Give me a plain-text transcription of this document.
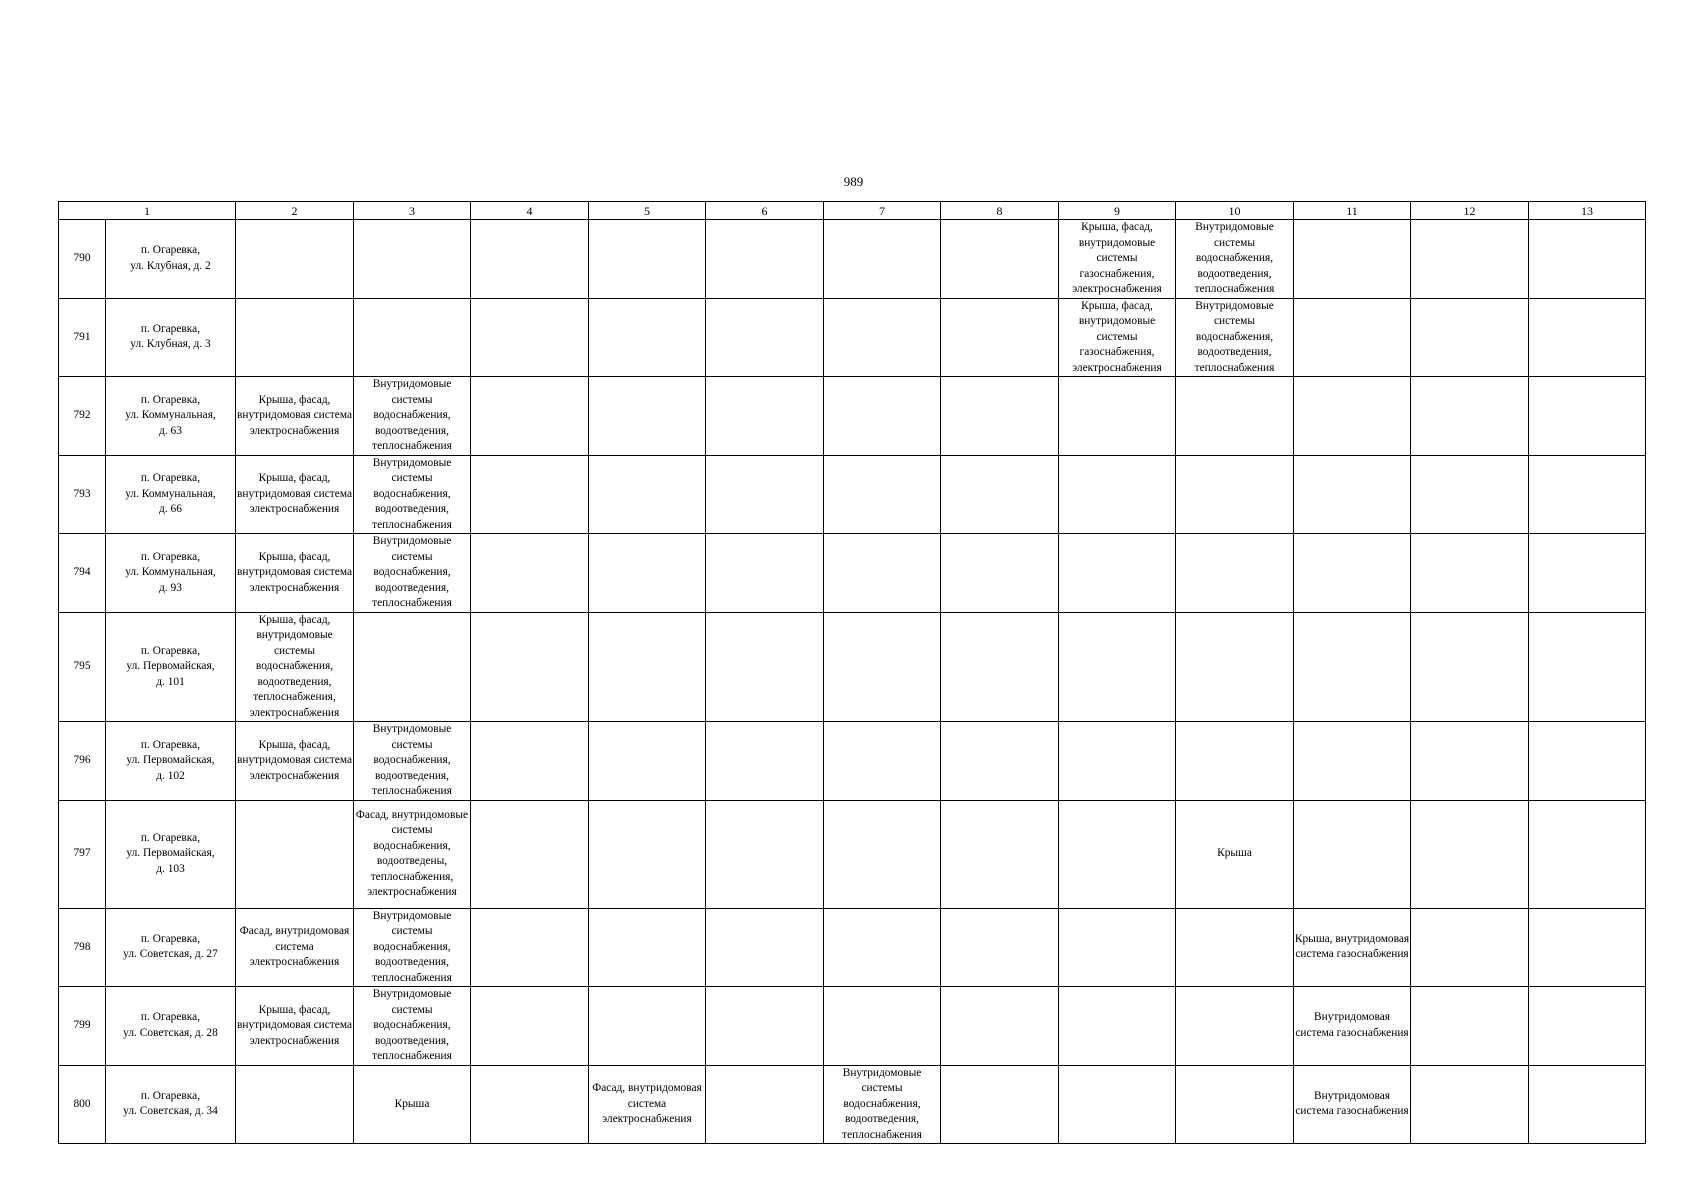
989
1		2	3	4	5	6	7	8	9	10	11	12	13
790	п. Огаревка,
ул. Клубная, д. 2								Крыша, фасад, внутридомовые системы газоснабжения, электроснабжения	Внутридомовые системы водоснабжения, водоотведения, теплоснабжения			
791	п. Огаревка,
ул. Клубная, д. 3								Крыша, фасад, внутридомовые системы газоснабжения, электроснабжения	Внутридомовые системы водоснабжения, водоотведения, теплоснабжения			
792	п. Огаревка,
ул. Коммунальная,
д. 63	Крыша, фасад, внутридомовая система электроснабжения	Внутридомовые системы водоснабжения, водоотведения, теплоснабжения										
793	п. Огаревка,
ул. Коммунальная,
д. 66	Крыша, фасад, внутридомовая система электроснабжения	Внутридомовые системы водоснабжения, водоотведения, теплоснабжения										
794	п. Огаревка,
ул. Коммунальная,
д. 93	Крыша, фасад, внутридомовая система электроснабжения	Внутридомовые системы водоснабжения, водоотведения, теплоснабжения										
795	п. Огаревка,
ул. Первомайская,
д. 101	Крыша, фасад, внутридомовые системы водоснабжения, водоотведения, теплоснабжения, электроснабжения											
796	п. Огаревка,
ул. Первомайская,
д. 102	Крыша, фасад, внутридомовая система электроснабжения	Внутридомовые системы водоснабжения, водоотведения, теплоснабжения										
797	п. Огаревка,
ул. Первомайская,
д. 103		Фасад, внутридомовые системы водоснабжения, водоотведены, теплоснабжения, электроснабжения							Крыша			
798	п. Огаревка,
ул. Советская, д. 27	Фасад, внутридомовая система электроснабжения	Внутридомовые системы водоснабжения, водоотведения, теплоснабжения								Крыша, внутридомовая система газоснабжения		
799	п. Огаревка,
ул. Советская, д. 28	Крыша, фасад, внутридомовая система электроснабжения	Внутридомовые системы водоснабжения, водоотведения, теплоснабжения								Внутридомовая система газоснабжения		
800	п. Огаревка,
ул. Советская, д. 34		Крыша		Фасад, внутридомовая система электроснабжения		Внутридомовые системы водоснабжения, водоотведения, теплоснабжения				Внутридомовая система газоснабжения		
